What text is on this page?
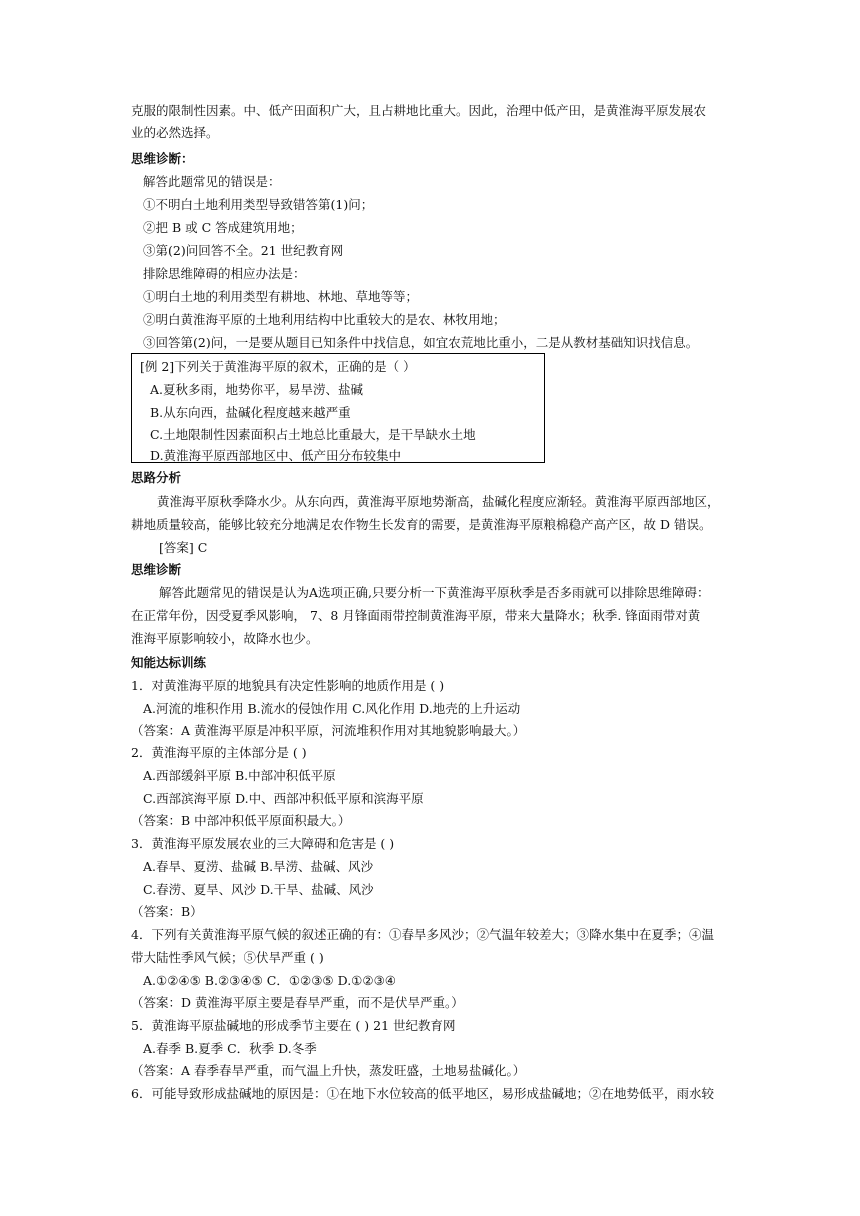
克服的限制性因素。中、低产田面积广大，且占耕地比重大。因此，治理中低产田，是黄淮海平原发展农
业的必然选择。
思维诊断：
解答此题常见的错误是：
①不明白土地利用类型导致错答第(1)问；
②把 B 或 C 答成建筑用地；
③第(2)问回答不全。21 世纪教育网
排除思维障碍的相应办法是：
①明白土地的利用类型有耕地、林地、草地等等；
②明白黄淮海平原的土地利用结构中比重较大的是农、林牧用地；
③回答第(2)问，一是要从题目已知条件中找信息，如宜农荒地比重小，二是从教材基础知识找信息。
[例 2]下列关于黄淮海平原的叙术，正确的是（ ）
A.夏秋多雨，地势你平，易旱涝、盐碱
B.从东向西，盐碱化程度越来越严重
C.土地限制性因素面积占土地总比重最大，是干旱缺水土地
D.黄淮海平原西部地区中、低产田分布较集中
思路分析
黄淮海平原秋季降水少。从东向西，黄淮海平原地势渐高，盐碱化程度应渐轻。黄淮海平原西部地区，
耕地质量较高，能够比较充分地满足农作物生长发育的需要，是黄淮海平原粮棉稳产高产区，故 D 错误。
[答案] C
思维诊断
解答此题常见的错误是认为A选项正确,只要分析一下黄淮海平原秋季是否多雨就可以排除思维障碍：
在正常年份，因受夏季风影响， 7、8 月锋面雨带控制黄淮海平原，带来大量降水；秋季. 锋面雨带对黄
淮海平原影响较小，故降水也少。
知能达标训练
1．对黄淮海平原的地貌具有决定性影响的地质作用是 ( )
A.河流的堆积作用 B.流水的侵蚀作用 C.风化作用 D.地壳的上升运动
（答案：A 黄淮海平原是冲积平原，河流堆积作用对其地貌影响最大。）
2．黄淮海平原的主体部分是 ( )
A.西部缓斜平原 B.中部冲积低平原
C.西部滨海平原 D.中、西部冲积低平原和滨海平原
（答案：B 中部冲积低平原面积最大。）
3．黄淮海平原发展农业的三大障碍和危害是 ( )
A.春旱、夏涝、盐碱 B.旱涝、盐碱、风沙
C.春涝、夏旱、风沙 D.干旱、盐碱、风沙
（答案：B）
4．下列有关黄淮海平原气候的叙述正确的有：①春旱多风沙；②气温年较差大；③降水集中在夏季；④温
带大陆性季风气候；⑤伏旱严重 ( )
A.①②④⑤ B.②③④⑤ C．①②③⑤ D.①②③④
（答案：D 黄淮海平原主要是春旱严重，而不是伏旱严重。）
5．黄淮诲平原盐碱地的形成季节主要在 ( ) 21 世纪教育网
A.春季 B.夏季 C．秋季 D.冬季
（答案：A 春季春旱严重，而气温上升快，蒸发旺盛，土地易盐碱化。）
6．可能导致形成盐碱地的原因是：①在地下水位较高的低平地区，易形成盐碱地；②在地势低平，雨水较
